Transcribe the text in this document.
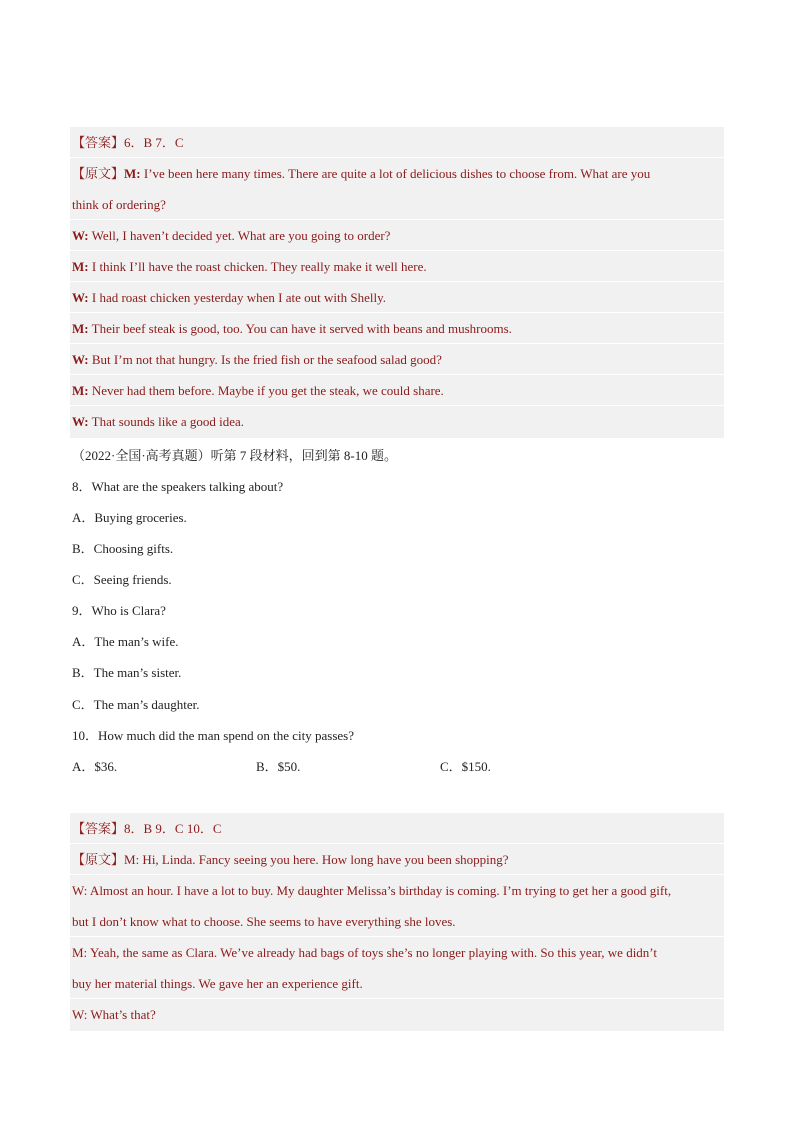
【答案】6．B 7．C
【原文】M: I’ve been here many times. There are quite a lot of delicious dishes to choose from. What are you
think of ordering?
W: Well, I haven’t decided yet. What are you going to order?
M: I think I’ll have the roast chicken. They really make it well here.
W: I had roast chicken yesterday when I ate out with Shelly.
M: Their beef steak is good, too. You can have it served with beans and mushrooms.
W: But I’m not that hungry. Is the fried fish or the seafood salad good?
M: Never had them before. Maybe if you get the steak, we could share.
W: That sounds like a good idea.
（2022·全国·高考真题）听第 7 段材料，回到第 8-10 题。
8．What are the speakers talking about?
A．Buying groceries.
B．Choosing gifts.
C．Seeing friends.
9．Who is Clara?
A．The man’s wife.
B．The man’s sister.
C．The man’s daughter.
10．How much did the man spend on the city passes?
A．$36.	B．$50.	C．$150.
【答案】8．B 9．C 10．C
【原文】M: Hi, Linda. Fancy seeing you here. How long have you been shopping?
W: Almost an hour. I have a lot to buy. My daughter Melissa’s birthday is coming. I’m trying to get her a good gift,
but I don’t know what to choose. She seems to have everything she loves.
M: Yeah, the same as Clara. We’ve already had bags of toys she’s no longer playing with. So this year, we didn’t
buy her material things. We gave her an experience gift.
W: What’s that?
